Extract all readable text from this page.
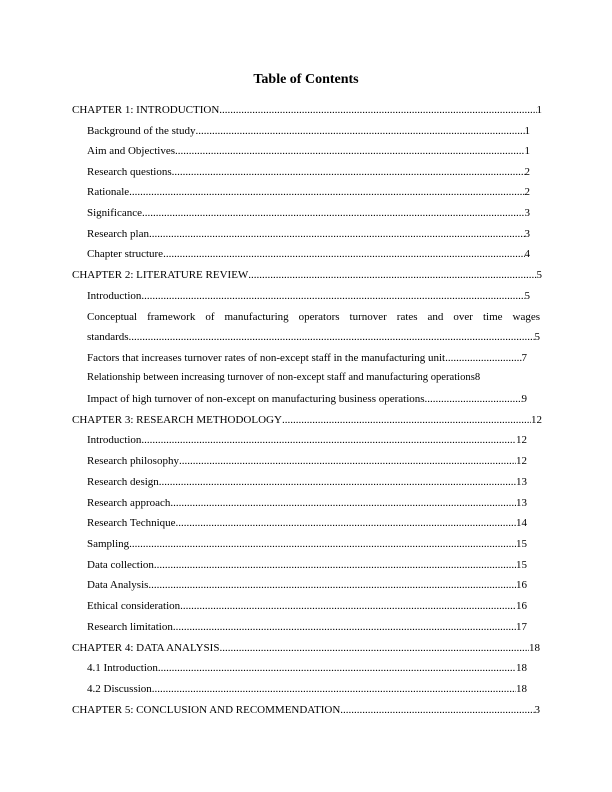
Table of Contents
CHAPTER 1: INTRODUCTION .....	1
Background of the study .....	1
Aim and Objectives .....	1
Research questions .....	2
Rationale .....	2
Significance .....	3
Research plan .....	3
Chapter structure .....	4
CHAPTER 2: LITERATURE REVIEW .....	5
Introduction .....	5
Conceptual framework of manufacturing operators turnover rates and over time wages
standards .....	5
Factors that increases turnover rates of non-except staff in the manufacturing unit .....	7
Relationship between increasing turnover of non-except staff and manufacturing operations 8
Impact of high turnover of non-except on manufacturing business operations .....	9
CHAPTER 3: RESEARCH METHODOLOGY .....	12
Introduction .....	12
Research philosophy .....	12
Research design .....	13
Research approach .....	13
Research Technique .....	14
Sampling .....	15
Data collection .....	15
Data Analysis .....	16
Ethical consideration .....	16
Research limitation .....	17
CHAPTER 4: DATA ANALYSIS .....	18
4.1 Introduction .....	18
4.2 Discussion .....	18
CHAPTER 5: CONCLUSION AND RECOMMENDATION .....	3
